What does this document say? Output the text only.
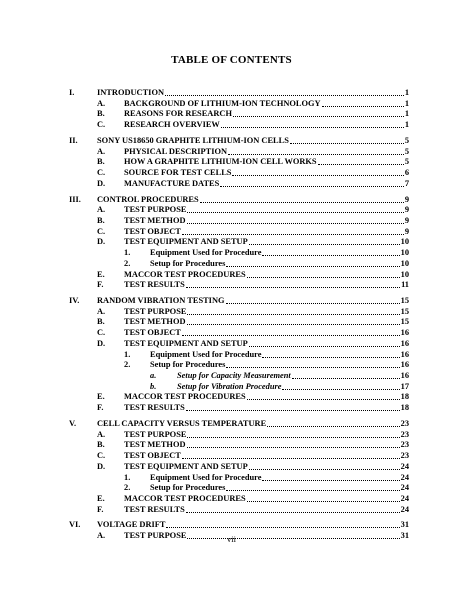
TABLE OF CONTENTS
I.	INTRODUCTION	1
A. BACKGROUND OF LITHIUM-ION TECHNOLOGY	1
B. REASONS FOR RESEARCH	1
C. RESEARCH OVERVIEW	1
II. SONY US18650 GRAPHITE LITHIUM-ION CELLS	5
A. PHYSICAL DESCRIPTION	5
B. HOW A GRAPHITE LITHIUM-ION CELL WORKS	5
C. SOURCE FOR TEST CELLS	6
D. MANUFACTURE DATES	7
III. CONTROL PROCEDURES	9
A. TEST PURPOSE	9
B. TEST METHOD	9
C. TEST OBJECT	9
D. TEST EQUIPMENT AND SETUP	10
1. Equipment Used for Procedure	10
2. Setup for Procedures	10
E. MACCOR TEST PROCEDURES	10
F. TEST RESULTS	11
IV. RANDOM VIBRATION TESTING	15
A. TEST PURPOSE	15
B. TEST METHOD	15
C. TEST OBJECT	16
D. TEST EQUIPMENT AND SETUP	16
1. Equipment Used for Procedure	16
2. Setup for Procedures	16
a. Setup for Capacity Measurement	16
b. Setup for Vibration Procedure	17
E. MACCOR TEST PROCEDURES	18
F. TEST RESULTS	18
V. CELL CAPACITY VERSUS TEMPERATURE	23
A. TEST PURPOSE	23
B. TEST METHOD	23
C. TEST OBJECT	23
D. TEST EQUIPMENT AND SETUP	24
1. Equipment Used for Procedure	24
2. Setup for Procedures	24
E. MACCOR TEST PROCEDURES	24
F. TEST RESULTS	24
VI. VOLTAGE DRIFT	31
A. TEST PURPOSE	31
vii
